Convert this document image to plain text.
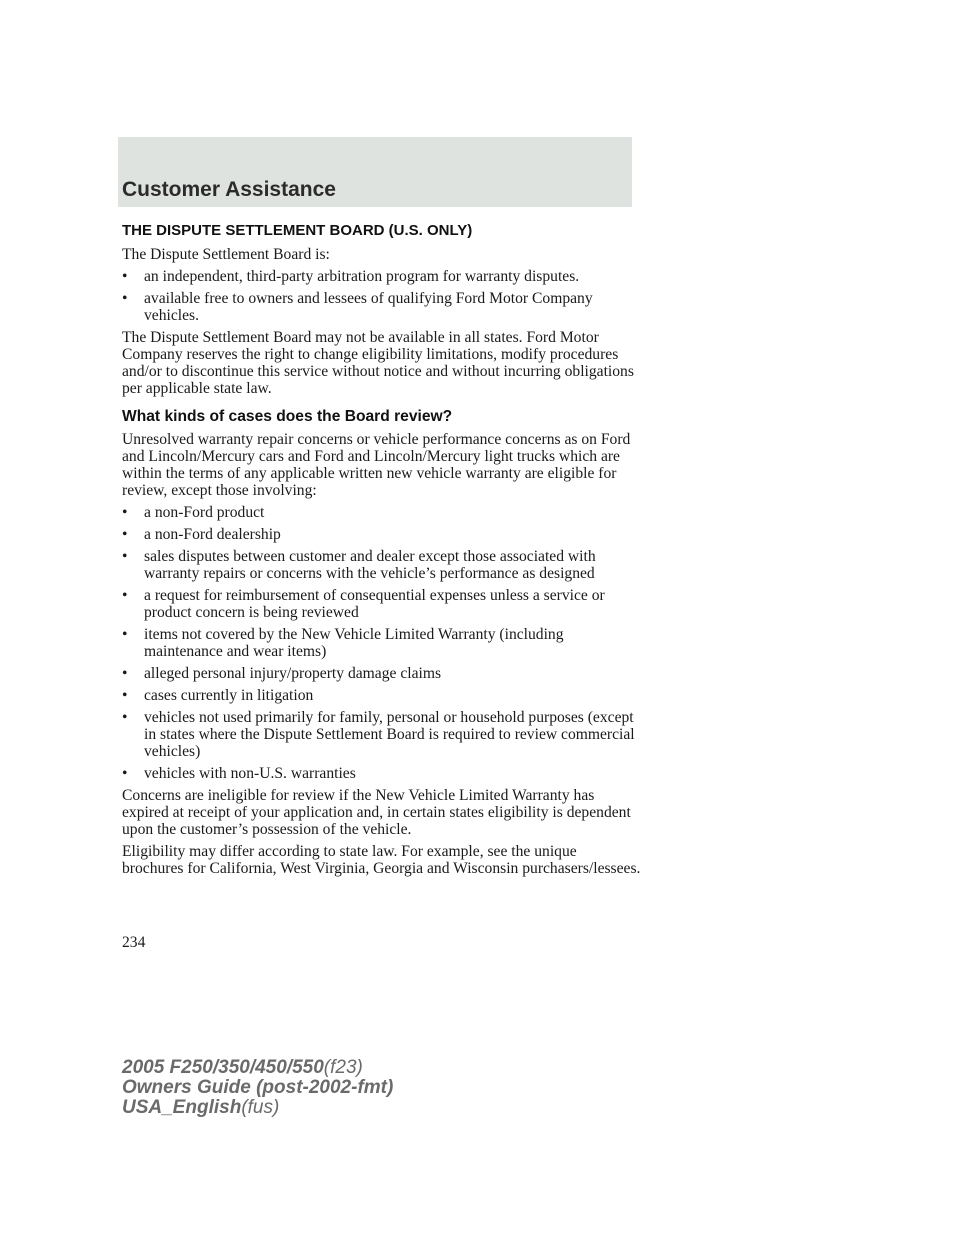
Customer Assistance
THE DISPUTE SETTLEMENT BOARD (U.S. ONLY)

The Dispute Settlement Board is:

•	an independent, third-party arbitration program for warranty disputes.
•	available free to owners and lessees of qualifying Ford Motor Company vehicles.

The Dispute Settlement Board may not be available in all states. Ford Motor Company reserves the right to change eligibility limitations, modify procedures and/or to discontinue this service without notice and without incurring obligations per applicable state law.

What kinds of cases does the Board review?

Unresolved warranty repair concerns or vehicle performance concerns as on Ford and Lincoln/Mercury cars and Ford and Lincoln/Mercury light trucks which are within the terms of any applicable written new vehicle warranty are eligible for review, except those involving:

•	a non-Ford product
•	a non-Ford dealership
•	sales disputes between customer and dealer except those associated with warranty repairs or concerns with the vehicle’s performance as designed
•	a request for reimbursement of consequential expenses unless a service or product concern is being reviewed
•	items not covered by the New Vehicle Limited Warranty (including maintenance and wear items)
•	alleged personal injury/property damage claims
•	cases currently in litigation
•	vehicles not used primarily for family, personal or household purposes (except in states where the Dispute Settlement Board is required to review commercial vehicles)
•	vehicles with non-U.S. warranties

Concerns are ineligible for review if the New Vehicle Limited Warranty has expired at receipt of your application and, in certain states eligibility is dependent upon the customer’s possession of the vehicle.

Eligibility may differ according to state law. For example, see the unique brochures for California, West Virginia, Georgia and Wisconsin purchasers/lessees.

234
2005 F250/350/450/550(f23)
Owners Guide (post-2002-fmt)
USA_English(fus)
